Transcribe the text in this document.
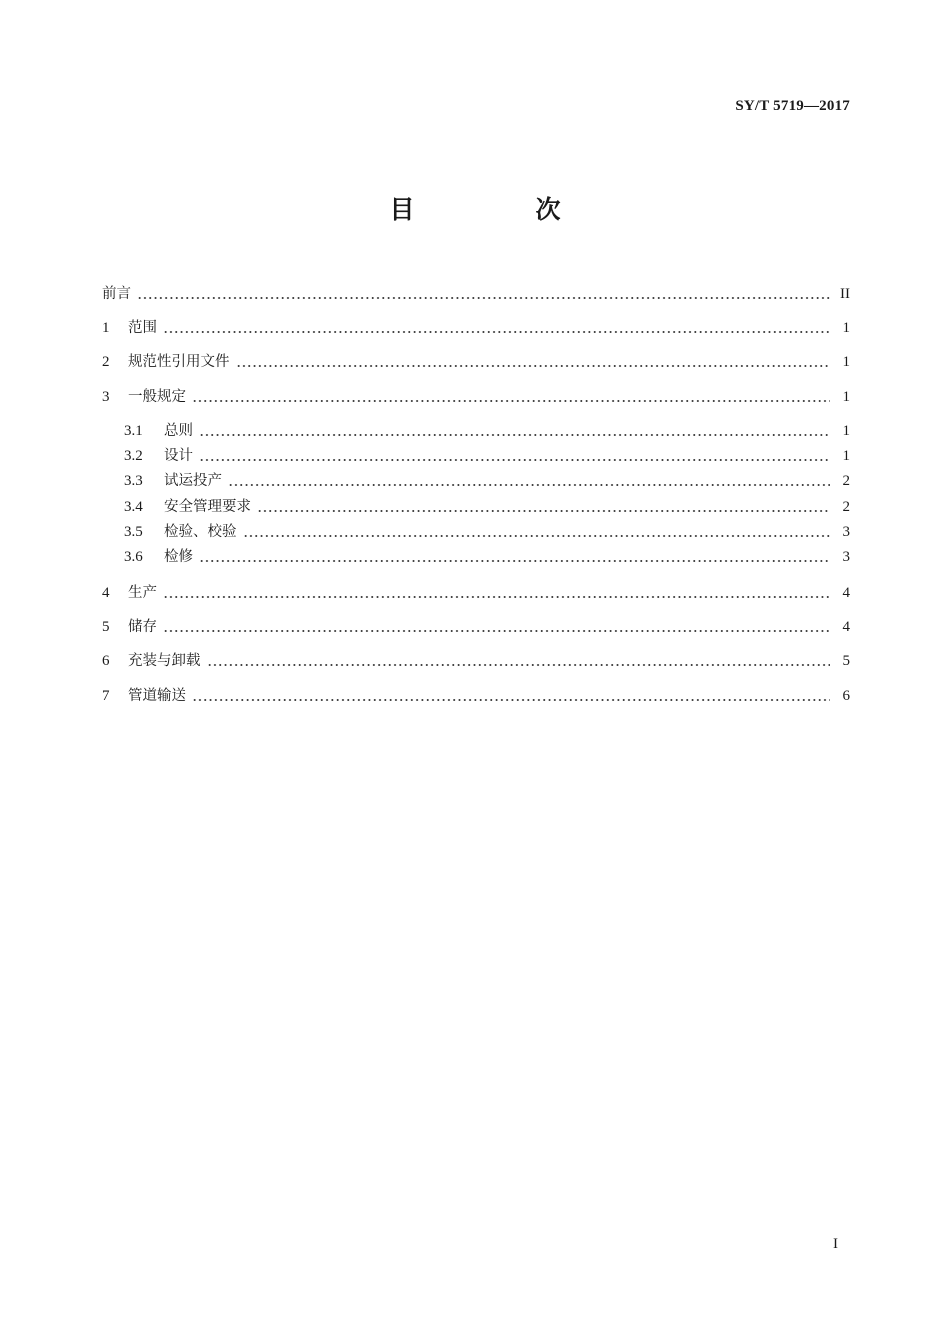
SY/T 5719—2017
目　次
前言	II
1	范围	1
2	规范性引用文件	1
3	一般规定	1
3.1	总则	1
3.2	设计	1
3.3	试运投产	2
3.4	安全管理要求	2
3.5	检验、校验	3
3.6	检修	3
4	生产	4
5	储存	4
6	充装与卸载	5
7	管道输送	6
I
